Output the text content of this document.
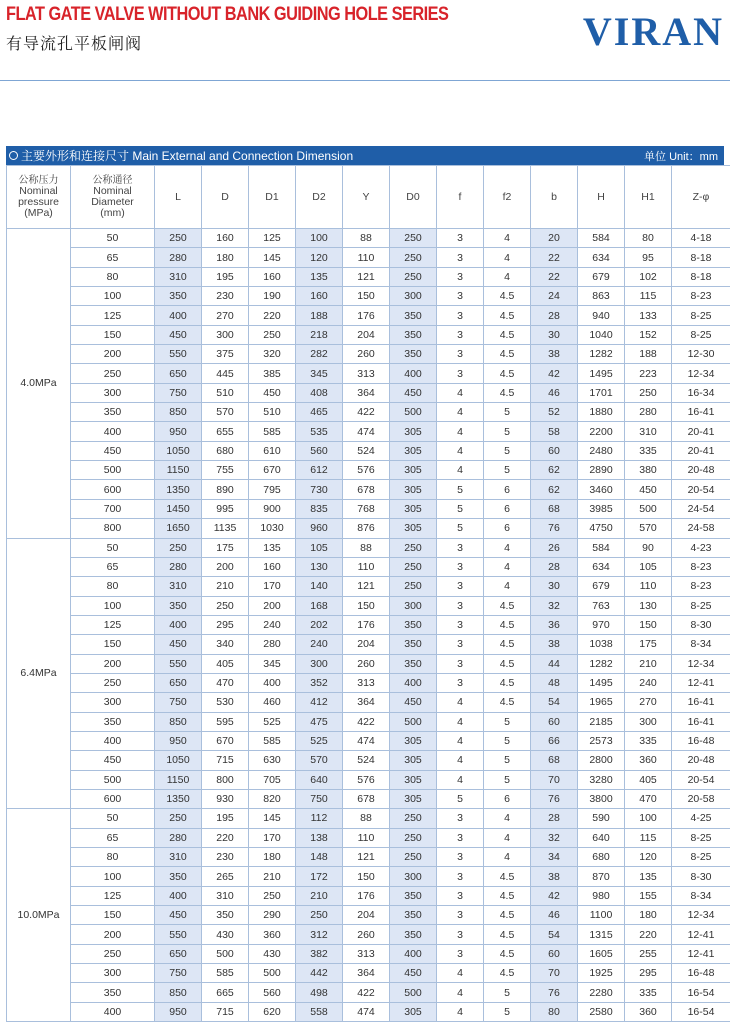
FLAT GATE VALVE WITHOUT BANK GUIDING HOLE SERIES
有导流孔平板闸阀	VIRAN
主要外形和连接尺寸 Main External and Connection Dimension	单位 Unit：mm
公称压力
Nominal pressure
(MPa)	公称通径
Nominal Diameter
(mm)	L	D	D1	D2	Y	D0	f	f2	b	H	H1	Z-φ
4.0MPa	50	250	160	125	100	88	250	3	4	20	584	80	4-18
	65	280	180	145	120	110	250	3	4	22	634	95	8-18
	80	310	195	160	135	121	250	3	4	22	679	102	8-18
	100	350	230	190	160	150	300	3	4.5	24	863	115	8-23
	125	400	270	220	188	176	350	3	4.5	28	940	133	8-25
	150	450	300	250	218	204	350	3	4.5	30	1040	152	8-25
	200	550	375	320	282	260	350	3	4.5	38	1282	188	12-30
	250	650	445	385	345	313	400	3	4.5	42	1495	223	12-34
	300	750	510	450	408	364	450	4	4.5	46	1701	250	16-34
	350	850	570	510	465	422	500	4	5	52	1880	280	16-41
	400	950	655	585	535	474	305	4	5	58	2200	310	20-41
	450	1050	680	610	560	524	305	4	5	60	2480	335	20-41
	500	1150	755	670	612	576	305	4	5	62	2890	380	20-48
	600	1350	890	795	730	678	305	5	6	62	3460	450	20-54
	700	1450	995	900	835	768	305	5	6	68	3985	500	24-54
	800	1650	1135	1030	960	876	305	5	6	76	4750	570	24-58
6.4MPa	50	250	175	135	105	88	250	3	4	26	584	90	4-23
	65	280	200	160	130	110	250	3	4	28	634	105	8-23
	80	310	210	170	140	121	250	3	4	30	679	110	8-23
	100	350	250	200	168	150	300	3	4.5	32	763	130	8-25
	125	400	295	240	202	176	350	3	4.5	36	970	150	8-30
	150	450	340	280	240	204	350	3	4.5	38	1038	175	8-34
	200	550	405	345	300	260	350	3	4.5	44	1282	210	12-34
	250	650	470	400	352	313	400	3	4.5	48	1495	240	12-41
	300	750	530	460	412	364	450	4	4.5	54	1965	270	16-41
	350	850	595	525	475	422	500	4	5	60	2185	300	16-41
	400	950	670	585	525	474	305	4	5	66	2573	335	16-48
	450	1050	715	630	570	524	305	4	5	68	2800	360	20-48
	500	1150	800	705	640	576	305	4	5	70	3280	405	20-54
	600	1350	930	820	750	678	305	5	6	76	3800	470	20-58
10.0MPa	50	250	195	145	112	88	250	3	4	28	590	100	4-25
	65	280	220	170	138	110	250	3	4	32	640	115	8-25
	80	310	230	180	148	121	250	3	4	34	680	120	8-25
	100	350	265	210	172	150	300	3	4.5	38	870	135	8-30
	125	400	310	250	210	176	350	3	4.5	42	980	155	8-34
	150	450	350	290	250	204	350	3	4.5	46	1100	180	12-34
	200	550	430	360	312	260	350	3	4.5	54	1315	220	12-41
	250	650	500	430	382	313	400	3	4.5	60	1605	255	12-41
	300	750	585	500	442	364	450	4	4.5	70	1925	295	16-48
	350	850	665	560	498	422	500	4	5	76	2280	335	16-54
	400	950	715	620	558	474	305	4	5	80	2580	360	16-54
